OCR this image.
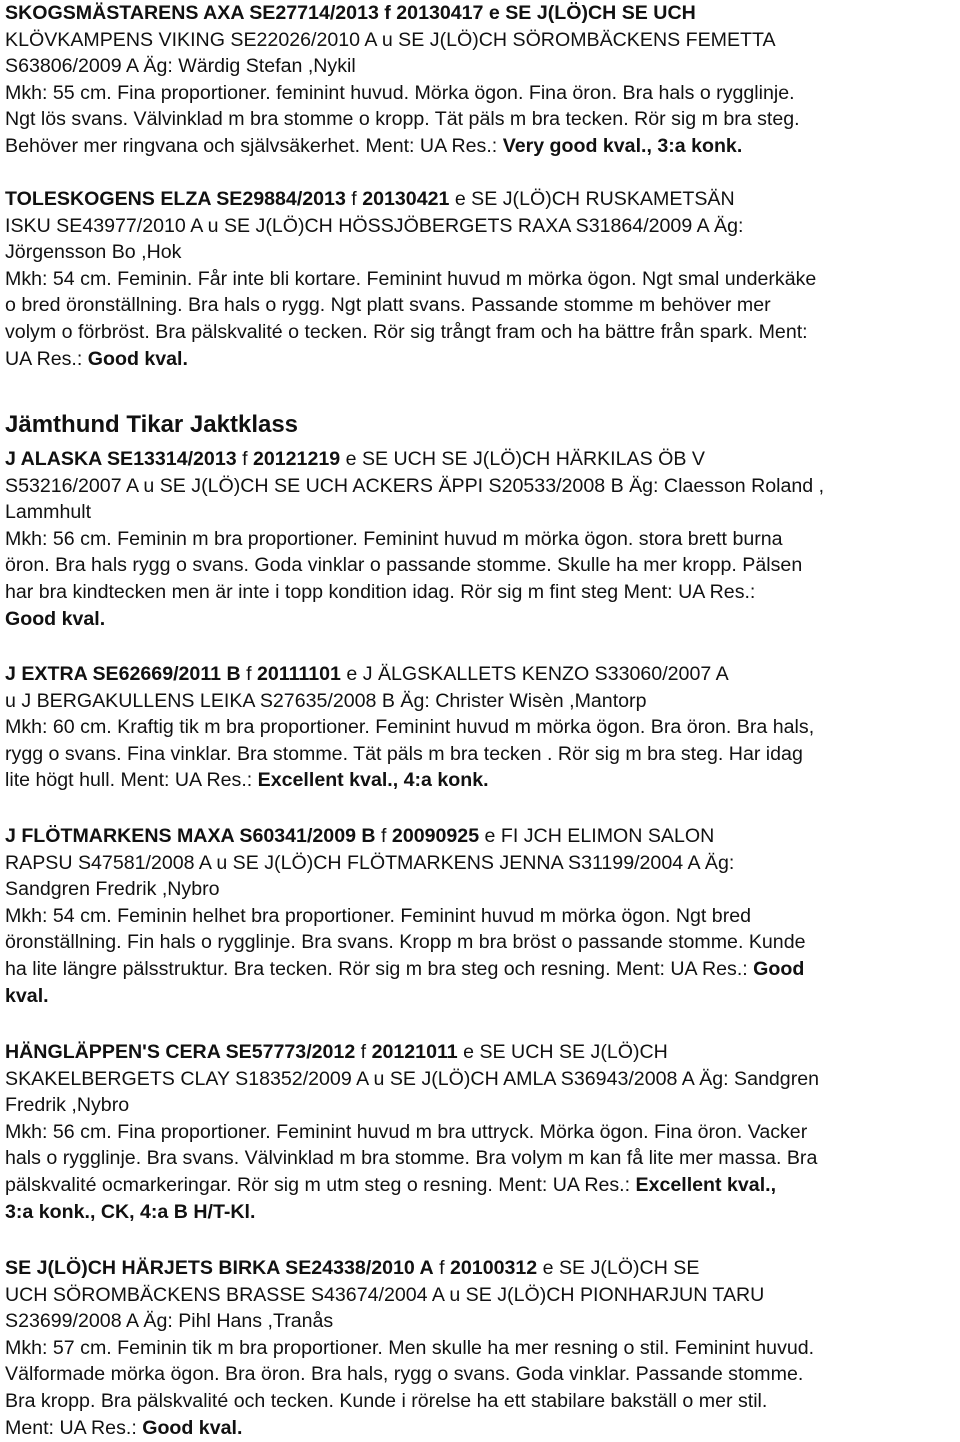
SKOGSMÄSTARENS AXA SE27714/2013 f 20130417 e SE J(LÖ)CH SE UCH
KLÖVKAMPENS VIKING SE22026/2010 A u SE J(LÖ)CH SÖROMBÄCKENS FEMETTA
S63806/2009 A Äg: Wärdig Stefan ,Nykil
Mkh: 55 cm. Fina proportioner. feminint huvud. Mörka ögon. Fina öron. Bra hals o rygglinje.
Ngt lös svans. Välvinklad m bra stomme o kropp. Tät päls m bra tecken. Rör sig m bra steg.
Behöver mer ringvana och självsäkerhet. Ment: UA Res.: Very good kval., 3:a konk.
TOLESKOGENS ELZA SE29884/2013 f 20130421 e SE J(LÖ)CH RUSKAMETSÄN
ISKU SE43977/2010 A u SE J(LÖ)CH HÖSSJÖBERGETS RAXA S31864/2009 A Äg:
Jörgensson Bo ,Hok
Mkh: 54 cm. Feminin. Får inte bli kortare. Feminint huvud m mörka ögon. Ngt smal underkäke
o bred öronställning. Bra hals o rygg. Ngt platt svans. Passande stomme m behöver mer
volym o förbröst. Bra pälskvalité o tecken. Rör sig trångt fram och ha bättre från spark. Ment:
UA Res.: Good kval.
Jämthund Tikar Jaktklass
J ALASKA SE13314/2013 f 20121219 e SE UCH SE J(LÖ)CH HÄRKILAS ÖB V
S53216/2007 A u SE J(LÖ)CH SE UCH ACKERS ÄPPI S20533/2008 B Äg: Claesson Roland ,
Lammhult
Mkh: 56 cm. Feminin m bra proportioner. Feminint huvud m mörka ögon. stora brett burna
öron. Bra hals rygg o svans. Goda vinklar o passande stomme. Skulle ha mer kropp. Pälsen
har bra kindtecken men är inte i topp kondition idag. Rör sig m fint steg Ment: UA Res.:
Good kval.
J EXTRA SE62669/2011 B f 20111101 e J ÄLGSKALLETS KENZO S33060/2007 A
u J BERGAKULLENS LEIKA S27635/2008 B Äg: Christer Wisèn ,Mantorp
Mkh: 60 cm. Kraftig tik m bra proportioner. Feminint huvud m mörka ögon. Bra öron. Bra hals,
rygg o svans. Fina vinklar. Bra stomme. Tät päls m bra tecken . Rör sig m bra steg. Har idag
lite högt hull. Ment: UA Res.: Excellent kval., 4:a konk.
J FLÖTMARKENS MAXA S60341/2009 B f 20090925 e FI JCH ELIMON SALON
RAPSU S47581/2008 A u SE J(LÖ)CH FLÖTMARKENS JENNA S31199/2004 A Äg:
Sandgren Fredrik ,Nybro
Mkh: 54 cm. Feminin helhet bra proportioner. Feminint huvud m mörka ögon. Ngt bred
öronställning. Fin hals o rygglinje. Bra svans. Kropp m bra bröst o passande stomme. Kunde
ha lite längre pälsstruktur. Bra tecken. Rör sig m bra steg och resning. Ment: UA Res.: Good
kval.
HÄNGLÄPPEN'S CERA SE57773/2012 f 20121011 e SE UCH SE J(LÖ)CH
SKAKELBERGETS CLAY S18352/2009 A u SE J(LÖ)CH AMLA S36943/2008 A Äg: Sandgren
Fredrik ,Nybro
Mkh: 56 cm. Fina proportioner. Feminint huvud m bra uttryck. Mörka ögon. Fina öron. Vacker
hals o rygglinje. Bra svans. Välvinklad m bra stomme. Bra volym m kan få lite mer massa. Bra
pälskvalité ocmarkeringar. Rör sig m utm steg o resning. Ment: UA Res.: Excellent kval.,
3:a konk., CK, 4:a B H/T-Kl.
SE J(LÖ)CH HÄRJETS BIRKA SE24338/2010 A f 20100312 e SE J(LÖ)CH SE
UCH SÖROMBÄCKENS BRASSE S43674/2004 A u SE J(LÖ)CH PIONHARJUN TARU
S23699/2008 A Äg: Pihl Hans ,Tranås
Mkh: 57 cm. Feminin tik m bra proportioner. Men skulle ha mer resning o stil. Feminint huvud.
Välformade mörka ögon. Bra öron. Bra hals, rygg o svans. Goda vinklar. Passande stomme.
Bra kropp. Bra pälskvalité och tecken. Kunde i rörelse ha ett stabilare bakställ o mer stil.
Ment: UA Res.: Good kval.
